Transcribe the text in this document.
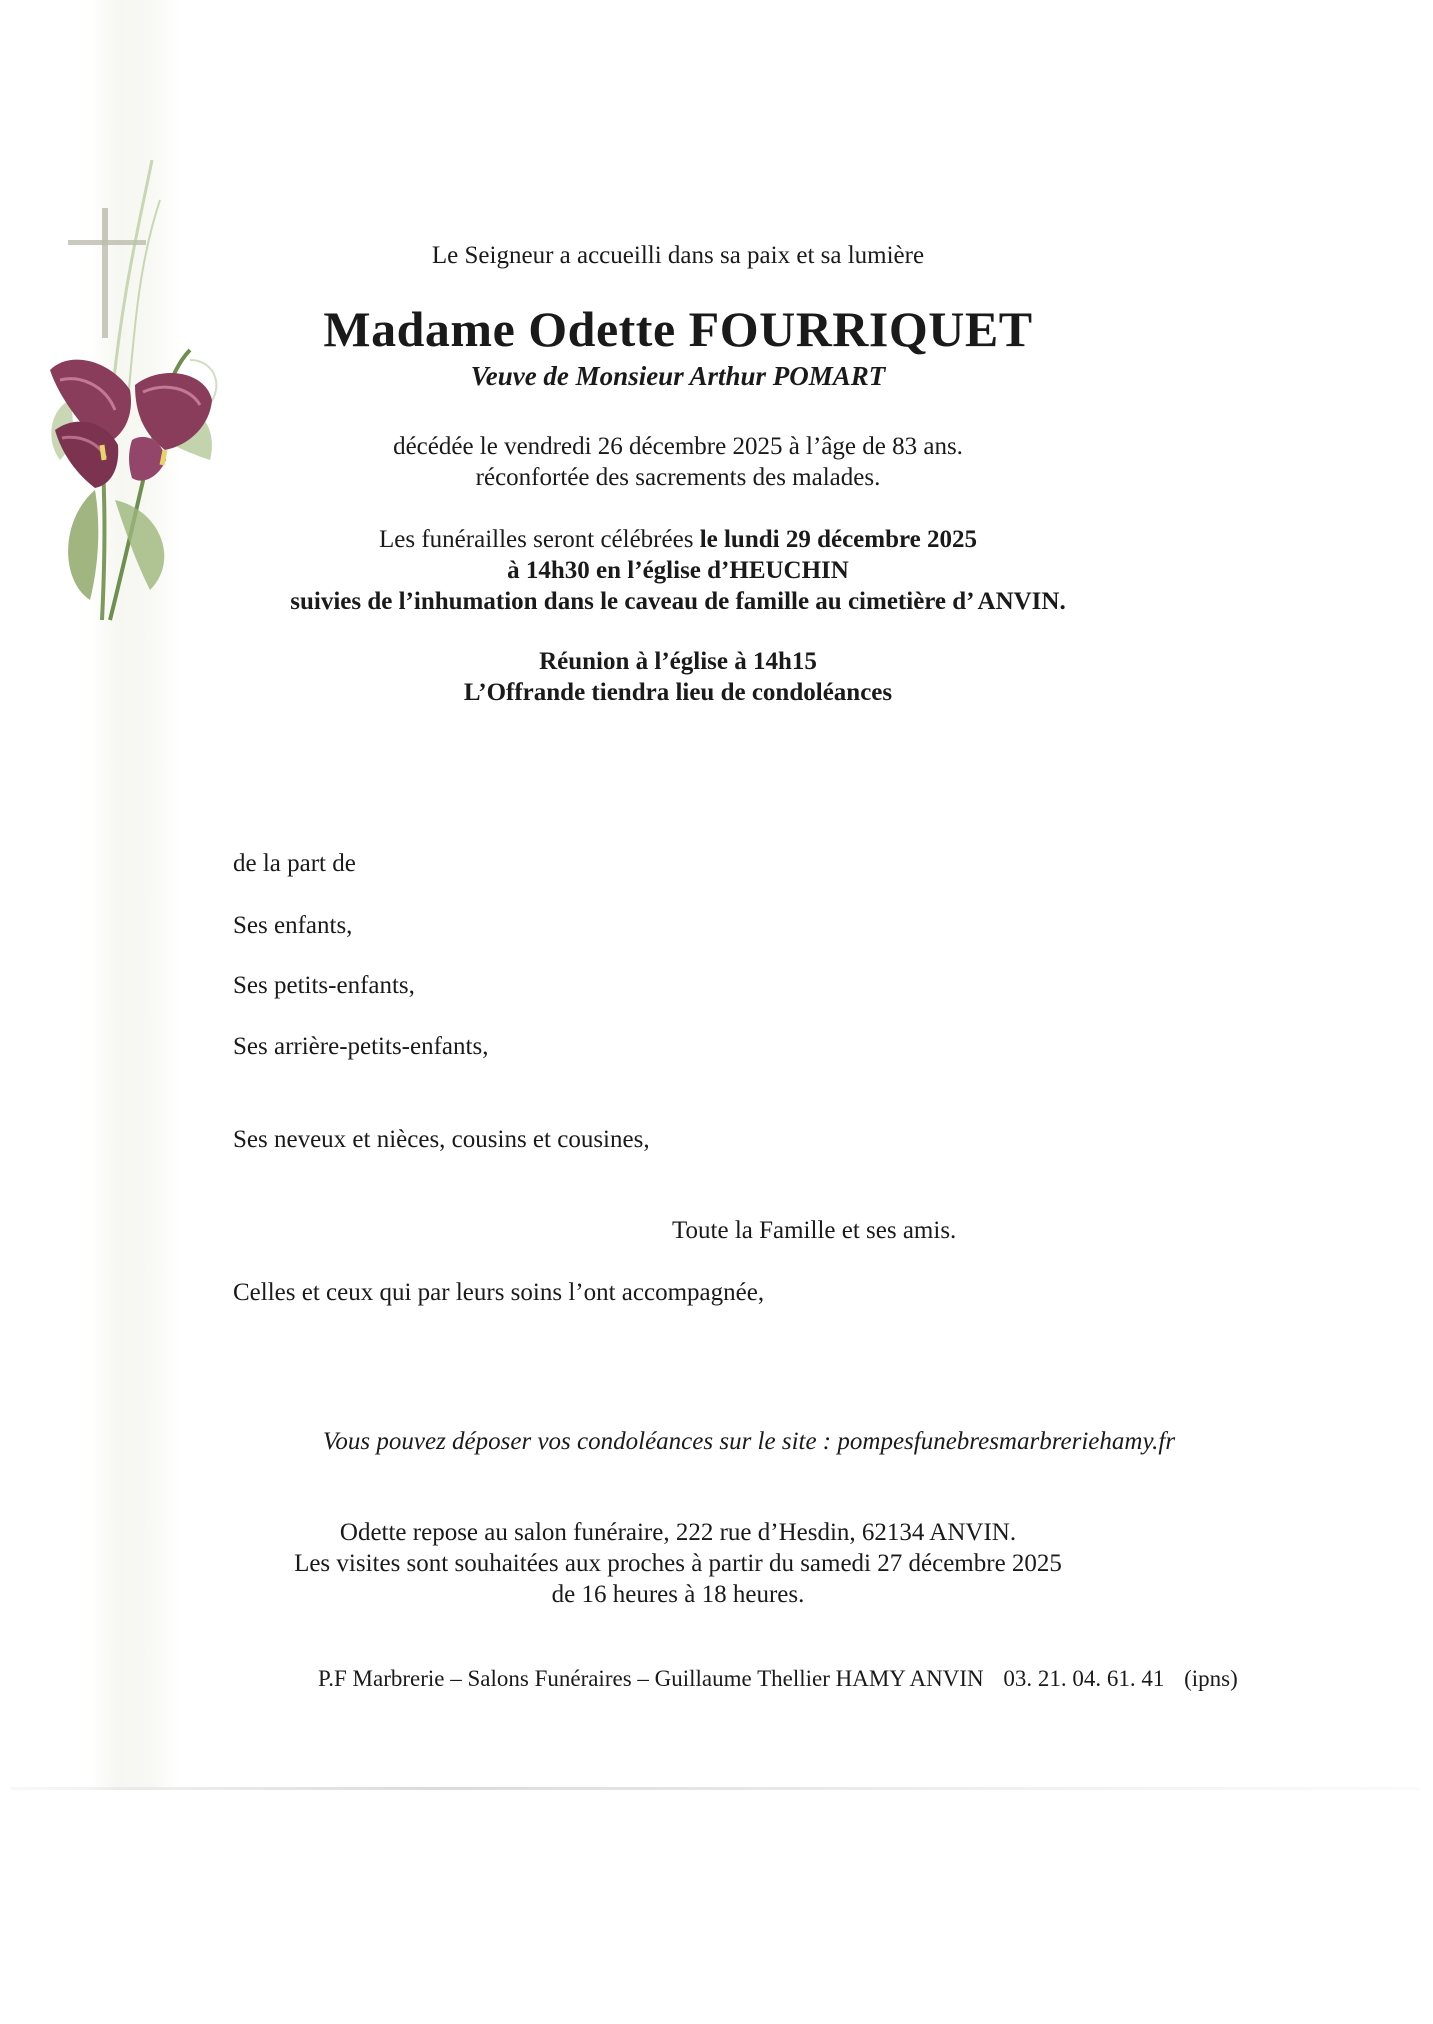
Le Seigneur a accueilli dans sa paix et sa lumière
Madame Odette FOURRIQUET
Veuve de Monsieur Arthur POMART
décédée le vendredi 26 décembre 2025 à l’âge de 83 ans.
réconfortée des sacrements des malades.
Les funérailles seront célébrées le lundi 29 décembre 2025
à 14h30 en l’église d’HEUCHIN
suivies de l’inhumation dans le caveau de famille au cimetière d’ ANVIN.
Réunion à l’église à 14h15
L’Offrande tiendra lieu de condoléances
de la part de
Ses enfants,
Ses petits-enfants,
Ses arrière-petits-enfants,
Ses neveux et nièces, cousins et cousines,
Toute la Famille et ses amis.
Celles et ceux qui par leurs soins l’ont accompagnée,
Vous pouvez déposer vos condoléances sur le site : pompesfunebresmarbreriehamy.fr
Odette repose au salon funéraire, 222 rue d’Hesdin, 62134 ANVIN.
Les visites sont souhaitées aux proches à partir du samedi 27 décembre 2025
de 16 heures à 18 heures.
P.F Marbrerie – Salons Funéraires – Guillaume Thellier HAMY ANVIN 03. 21. 04. 61. 41 (ipns)
